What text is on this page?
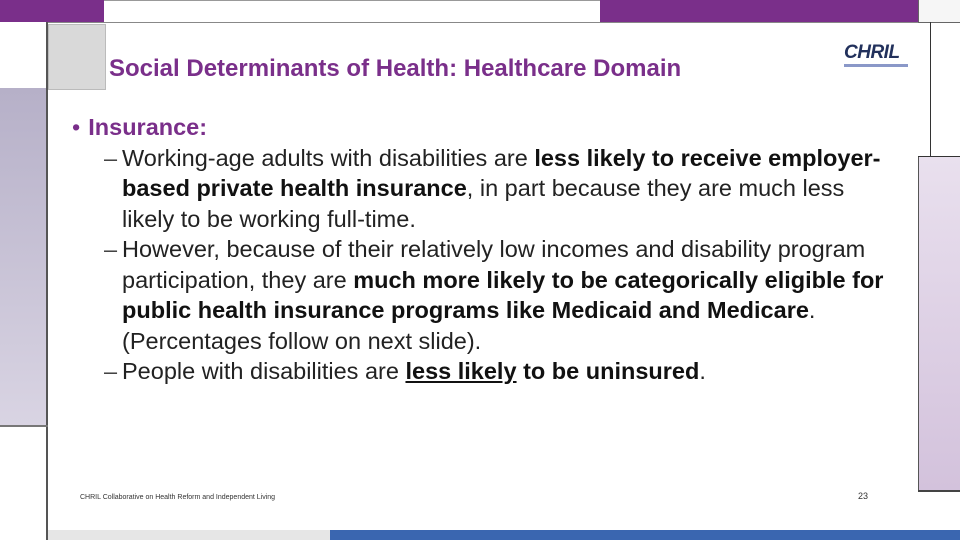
Social Determinants of Health: Healthcare Domain
CHRIL

• Insurance:

– Working-age adults with disabilities are less likely to receive employer-based private health insurance, in part because they are much less likely to be working full-time.
– However, because of their relatively low incomes and disability program participation, they are much more likely to be categorically eligible for public health insurance programs like Medicaid and Medicare. (Percentages follow on next slide).
– People with disabilities are less likely to be uninsured.
CHRIL Collaborative on Health Reform and Independent Living	23
